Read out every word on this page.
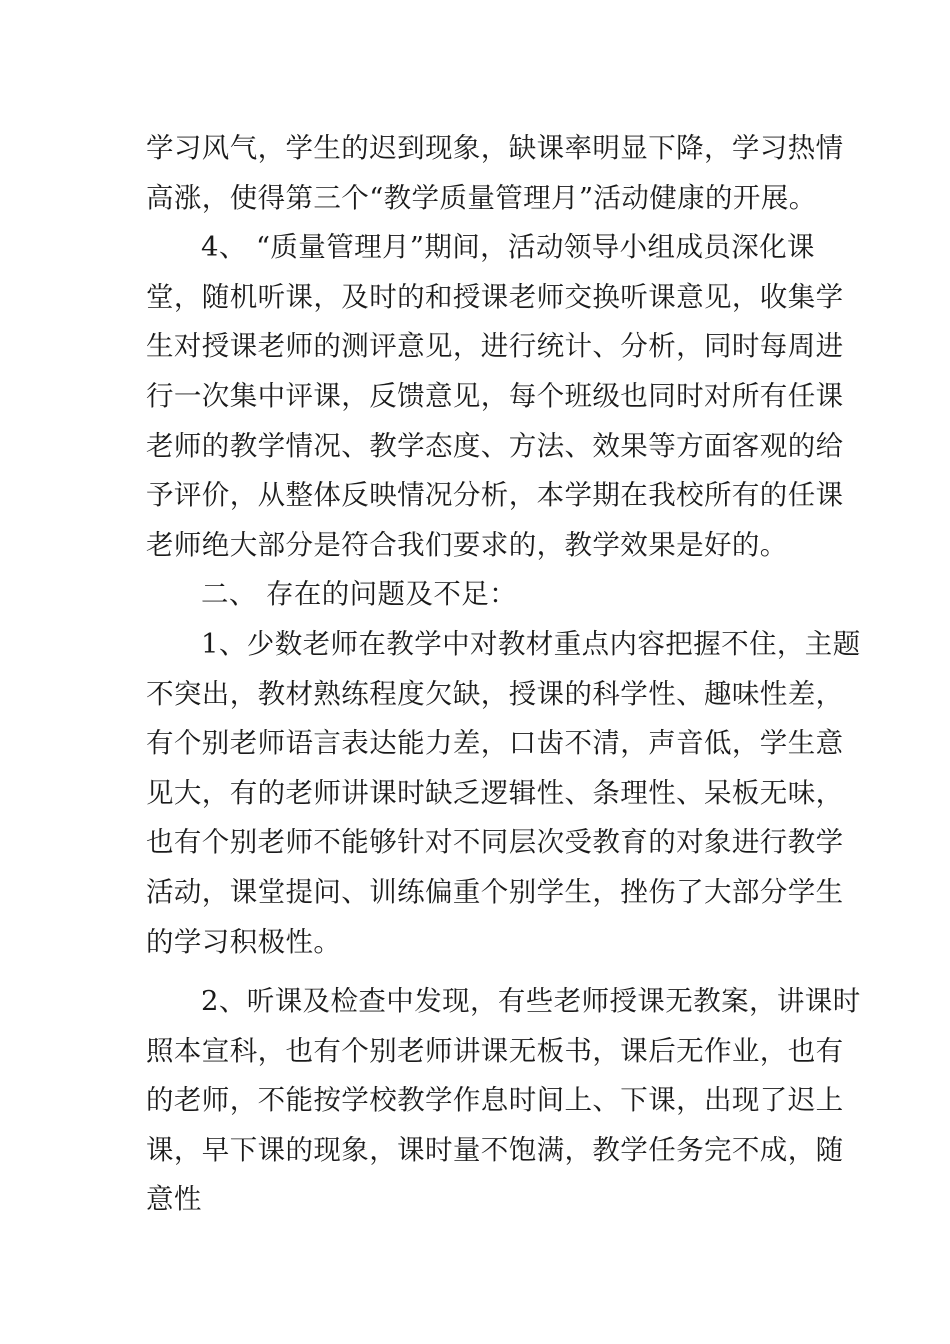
学习风气，学生的迟到现象，缺课率明显下降，学习热情
高涨，使得第三个“教学质量管理月”活动健康的开展。
4、 “质量管理月”期间，活动领导小组成员深化课
堂，随机听课，及时的和授课老师交换听课意见，收集学
生对授课老师的测评意见，进行统计、分析，同时每周进
行一次集中评课，反馈意见，每个班级也同时对所有任课
老师的教学情况、教学态度、方法、效果等方面客观的给
予评价，从整体反映情况分析，本学期在我校所有的任课
老师绝大部分是符合我们要求的，教学效果是好的。
二、 存在的问题及不足：
1、少数老师在教学中对教材重点内容把握不住，主题
不突出，教材熟练程度欠缺，授课的科学性、趣味性差，
有个别老师语言表达能力差，口齿不清，声音低，学生意
见大，有的老师讲课时缺乏逻辑性、条理性、呆板无味，
也有个别老师不能够针对不同层次受教育的对象进行教学
活动，课堂提问、训练偏重个别学生，挫伤了大部分学生
的学习积极性。
2、听课及检查中发现，有些老师授课无教案，讲课时
照本宣科，也有个别老师讲课无板书，课后无作业，也有
的老师，不能按学校教学作息时间上、下课，出现了迟上
课，早下课的现象，课时量不饱满，教学任务完不成，随
意性
